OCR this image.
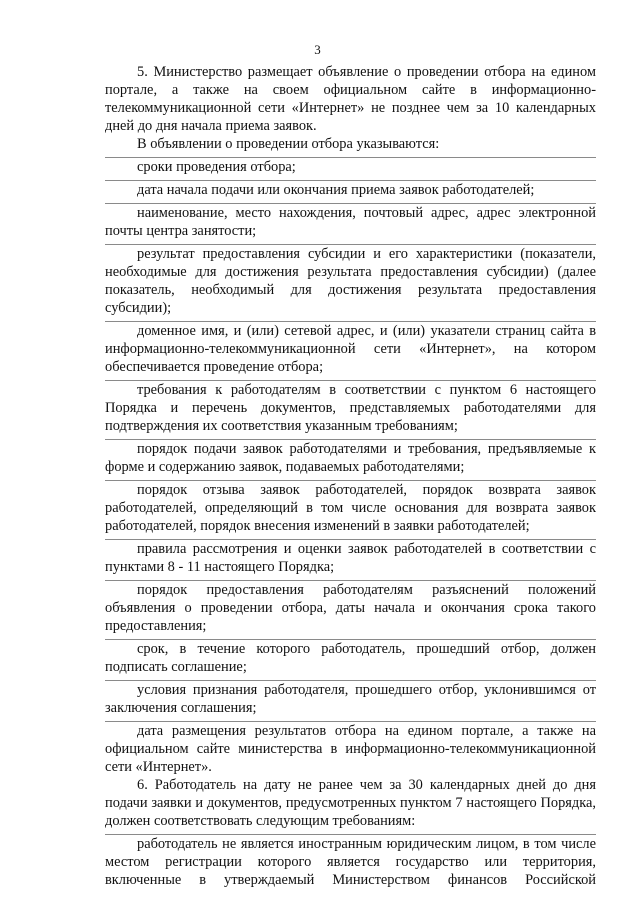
3

5. Министерство размещает объявление о проведении отбора на едином портале, а также на своем официальном сайте в информационно-телекоммуникационной сети «Интернет» не позднее чем за 10 календарных дней до дня начала приема заявок.

В объявлении о проведении отбора указываются:

сроки проведения отбора;

дата начала подачи или окончания приема заявок работодателей;

наименование, место нахождения, почтовый адрес, адрес электронной почты центра занятости;

результат предоставления субсидии и его характеристики (показатели, необходимые для достижения результата предоставления субсидии) (далее показатель, необходимый для достижения результата предоставления субсидии);

доменное имя, и (или) сетевой адрес, и (или) указатели страниц сайта в информационно-телекоммуникационной сети «Интернет», на котором обеспечивается проведение отбора;

требования к работодателям в соответствии с пунктом 6 настоящего Порядка и перечень документов, представляемых работодателями для подтверждения их соответствия указанным требованиям;

порядок подачи заявок работодателями и требования, предъявляемые к форме и содержанию заявок, подаваемых работодателями;

порядок отзыва заявок работодателей, порядок возврата заявок работодателей, определяющий в том числе основания для возврата заявок работодателей, порядок внесения изменений в заявки работодателей;

правила рассмотрения и оценки заявок работодателей в соответствии с пунктами 8 - 11 настоящего Порядка;

порядок предоставления работодателям разъяснений положений объявления о проведении отбора, даты начала и окончания срока такого предоставления;

срок, в течение которого работодатель, прошедший отбор, должен подписать соглашение;

условия признания работодателя, прошедшего отбор, уклонившимся от заключения соглашения;

дата размещения результатов отбора на едином портале, а также на официальном сайте министерства в информационно-телекоммуникационной сети «Интернет».

6. Работодатель на дату не ранее чем за 30 календарных дней до дня подачи заявки и документов, предусмотренных пунктом 7 настоящего Порядка, должен соответствовать следующим требованиям:

работодатель не является иностранным юридическим лицом, в том числе местом регистрации которого является государство или территория, включенные в утверждаемый Министерством финансов Российской
